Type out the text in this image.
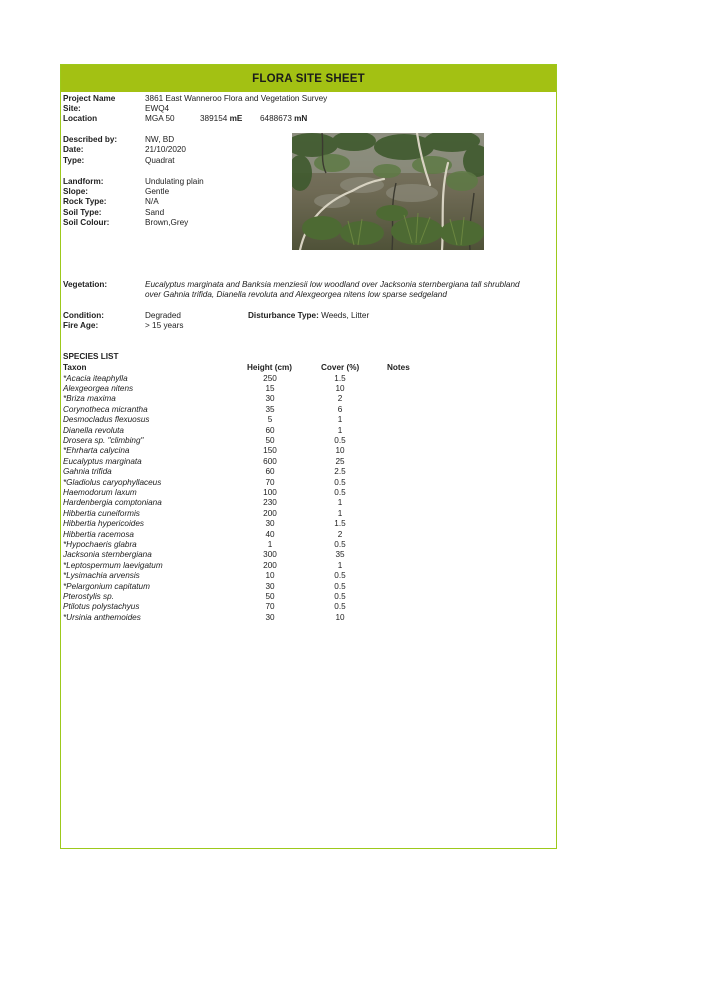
FLORA SITE SHEET
Project Name	3861 East Wanneroo Flora and Vegetation Survey
Site:	EWQ4
Location	MGA 50	389154 mE 6488673 mN
Described by:	NW, BD
Date:	21/10/2020
Type:	Quadrat
Landform:	Undulating plain
Slope:	Gentle
Rock Type:	N/A
Soil Type:	Sand
Soil Colour:	Brown,Grey
Vegetation:	Eucalyptus marginata and Banksia menziesii low woodland over Jacksonia sternbergiana tall shrubland
over Gahnia trifida, Dianella revoluta and Alexgeorgea nitens low sparse sedgeland
Condition:	Degraded
Fire Age:	> 15 years
Disturbance Type: Weeds, Litter
SPECIES LIST
Taxon	Height (cm)	Cover (%)	Notes
*Acacia iteaphylla	250	1.5
Alexgeorgea nitens	15	10
*Briza maxima	30	2
Corynotheca micrantha	35	6
Desmocladus flexuosus	5	1
Dianella revoluta	60	1
Drosera sp. "climbing"	50	0.5
*Ehrharta calycina	150	10
Eucalyptus marginata	600	25
Gahnia trifida	60	2.5
*Gladiolus caryophyllaceus	70	0.5
Haemodorum laxum	100	0.5
Hardenbergia comptoniana	230	1
Hibbertia cuneiformis	200	1
Hibbertia hypericoides	30	1.5
Hibbertia racemosa	40	2
*Hypochaeris glabra	1	0.5
Jacksonia sternbergiana	300	35
*Leptospermum laevigatum	200	1
*Lysimachia arvensis	10	0.5
*Pelargonium capitatum	30	0.5
Pterostylis sp.	50	0.5
Ptilotus polystachyus	70	0.5
*Ursinia anthemoides	30	10
